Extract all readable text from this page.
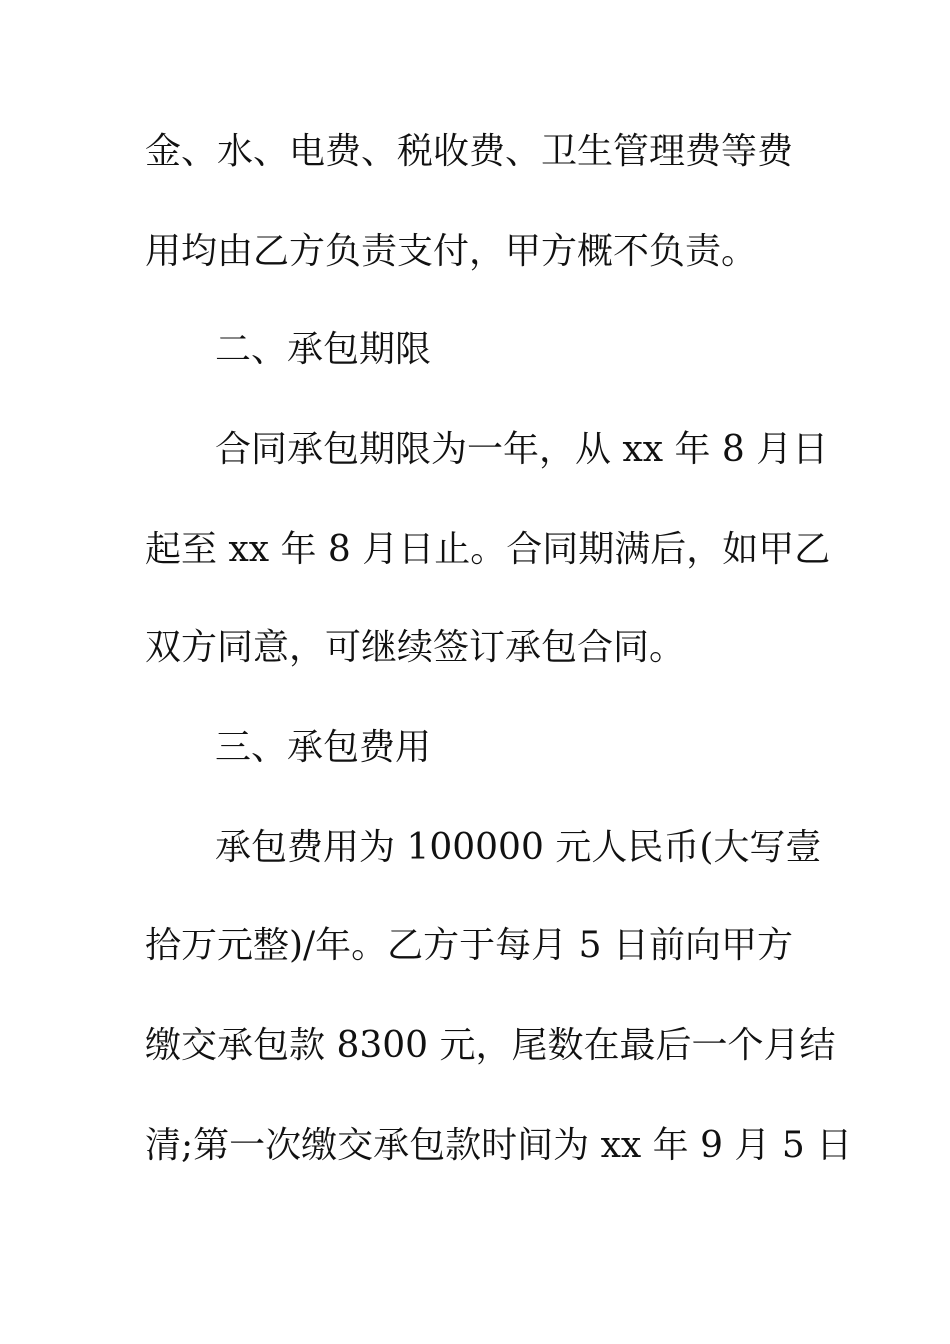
金、水、电费、税收费、卫生管理费等费
用均由乙方负责支付，甲方概不负责。
二、承包期限
合同承包期限为一年，从 xx 年 8 月日
起至 xx 年 8 月日止。合同期满后，如甲乙
双方同意，可继续签订承包合同。
三、承包费用
承包费用为 100000 元人民币(大写壹
拾万元整)/年。乙方于每月 5 日前向甲方
缴交承包款 8300 元，尾数在最后一个月结
清;第一次缴交承包款时间为 xx 年 9 月 5 日
